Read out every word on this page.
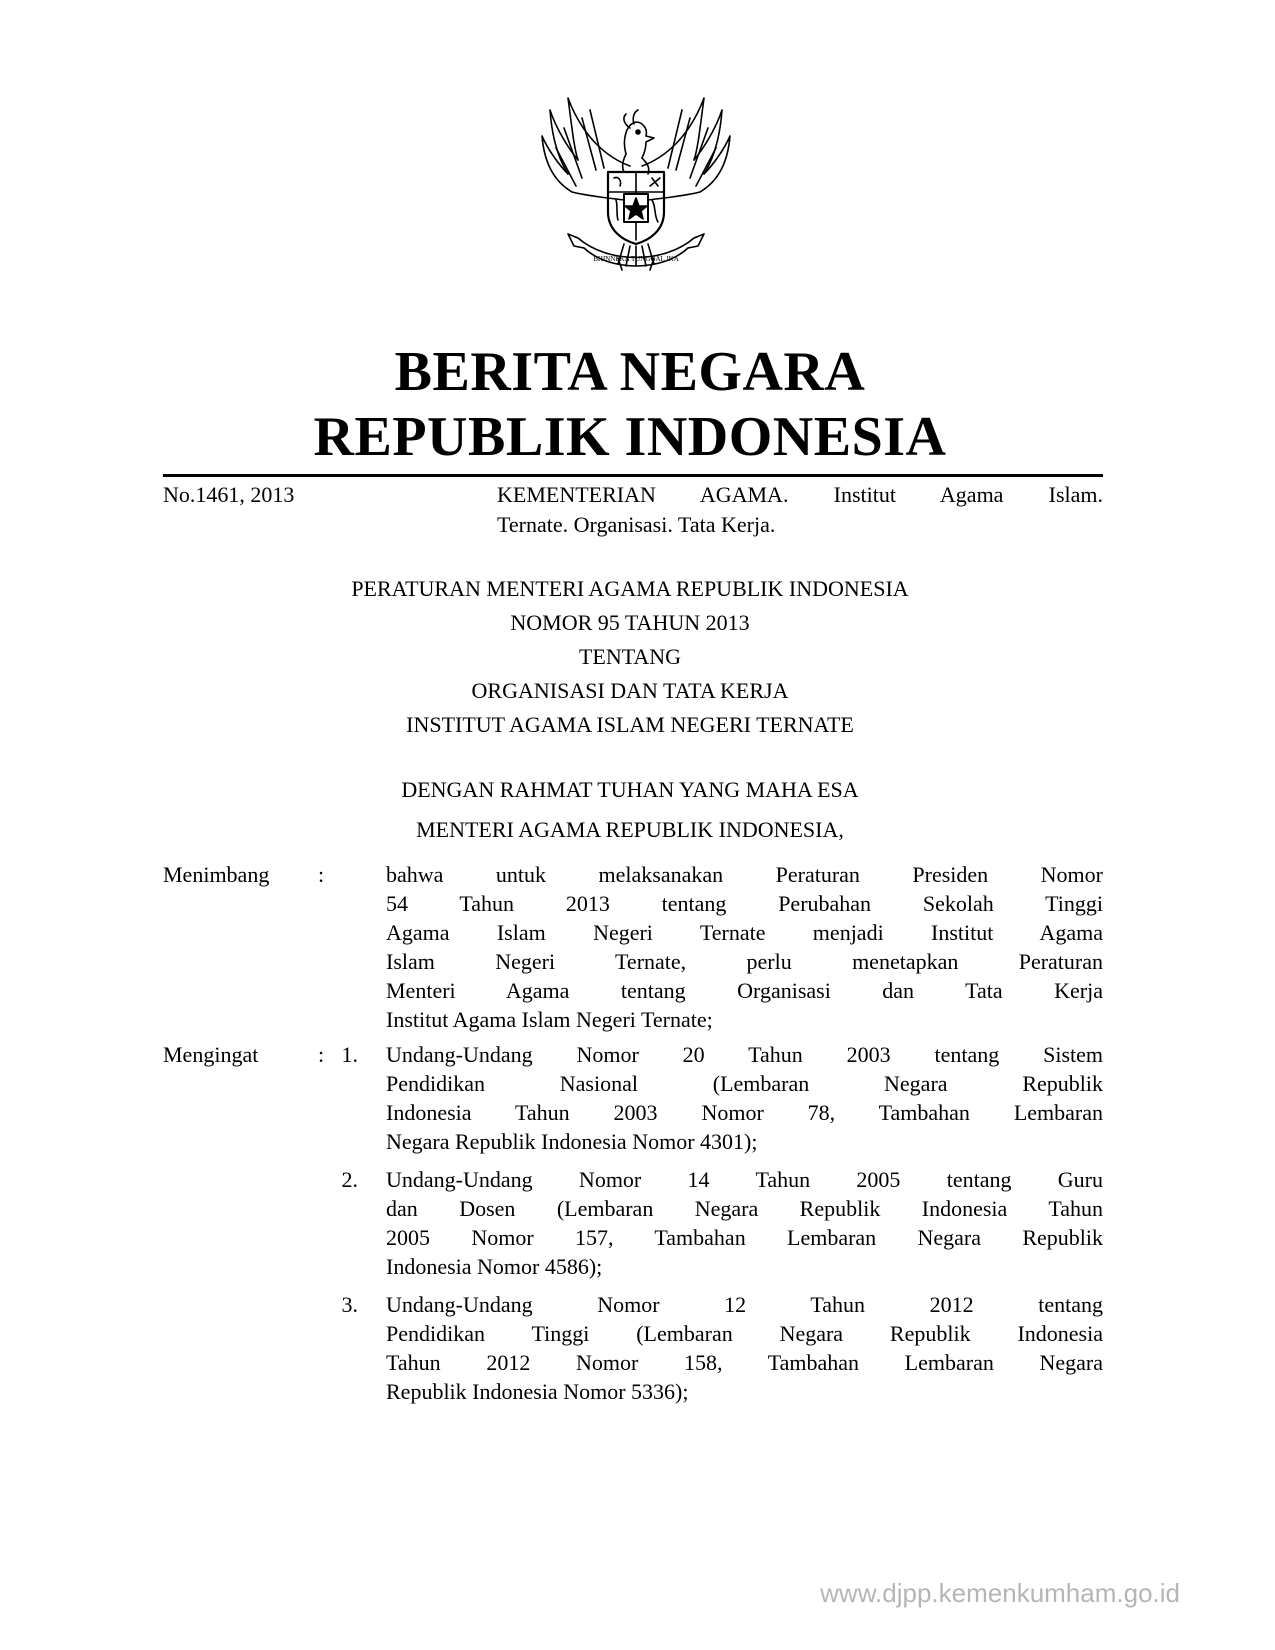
BHINNEKA TUNGGAL IKA
BERITA NEGARA
REPUBLIK INDONESIA
No.1461, 2013	KEMENTERIAN AGAMA. Institut Agama Islam.
Ternate. Organisasi. Tata Kerja.
PERATURAN MENTERI AGAMA REPUBLIK INDONESIA
NOMOR 95 TAHUN 2013
TENTANG
ORGANISASI DAN TATA KERJA
INSTITUT AGAMA ISLAM NEGERI TERNATE
DENGAN RAHMAT TUHAN YANG MAHA ESA
MENTERI AGAMA REPUBLIK INDONESIA,
Menimbang :	bahwa untuk melaksanakan Peraturan Presiden Nomor
54 Tahun 2013 tentang Perubahan Sekolah Tinggi
Agama Islam Negeri Ternate menjadi Institut Agama
Islam Negeri Ternate, perlu menetapkan Peraturan
Menteri Agama tentang Organisasi dan Tata Kerja
Institut Agama Islam Negeri Ternate;
Mengingat	: 1. Undang-Undang Nomor 20 Tahun 2003 tentang Sistem
Pendidikan Nasional (Lembaran Negara Republik
Indonesia Tahun 2003 Nomor 78, Tambahan Lembaran
Negara Republik Indonesia Nomor 4301);
2. Undang-Undang Nomor 14 Tahun 2005 tentang Guru
dan Dosen (Lembaran Negara Republik Indonesia Tahun
2005 Nomor 157, Tambahan Lembaran Negara Republik
Indonesia Nomor 4586);
3. Undang-Undang Nomor 12 Tahun 2012 tentang
Pendidikan Tinggi (Lembaran Negara Republik Indonesia
Tahun 2012 Nomor 158, Tambahan Lembaran Negara
Republik Indonesia Nomor 5336);
www.djpp.kemenkumham.go.id
